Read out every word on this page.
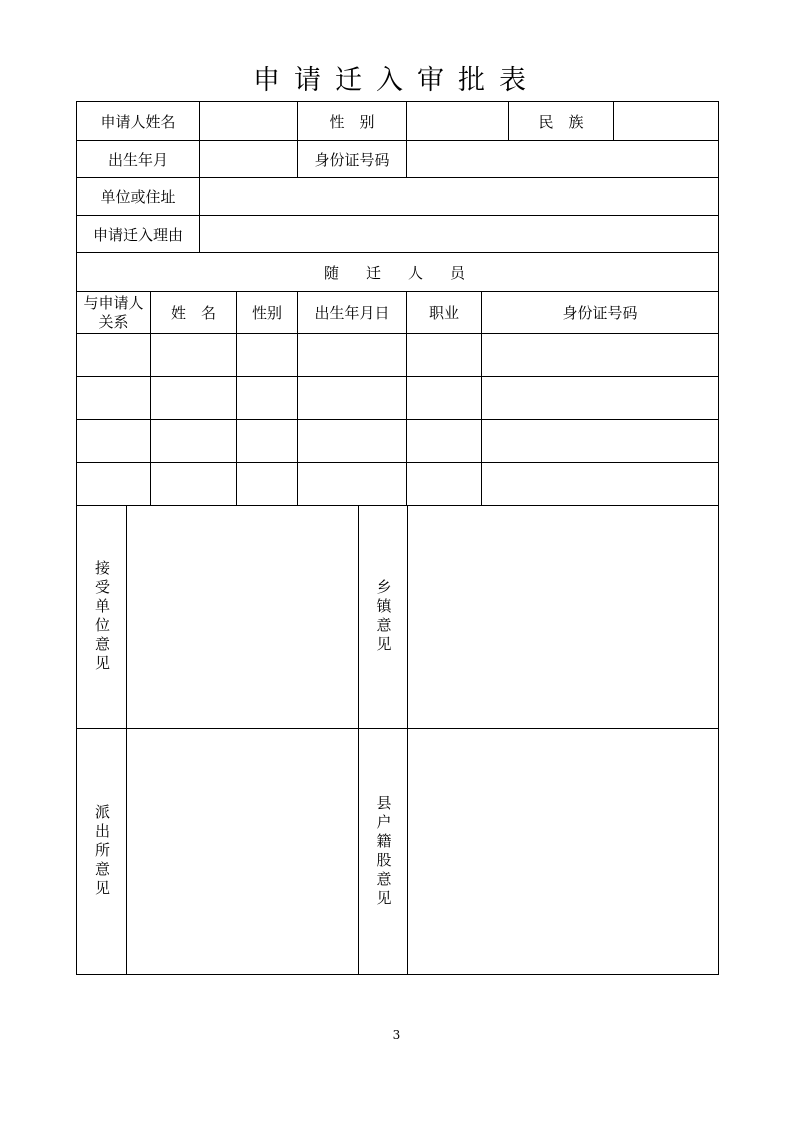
申请迁入审批表
申请人姓名	性　别	民　族
出生年月	身份证号码
单位或住址
申请迁入理由
随　迁　人　员
与申请人关系	姓　名	性别	出生年月日	职业	身份证号码
接受单位意见	乡镇意见
派出所意见	县户籍股意见
3
